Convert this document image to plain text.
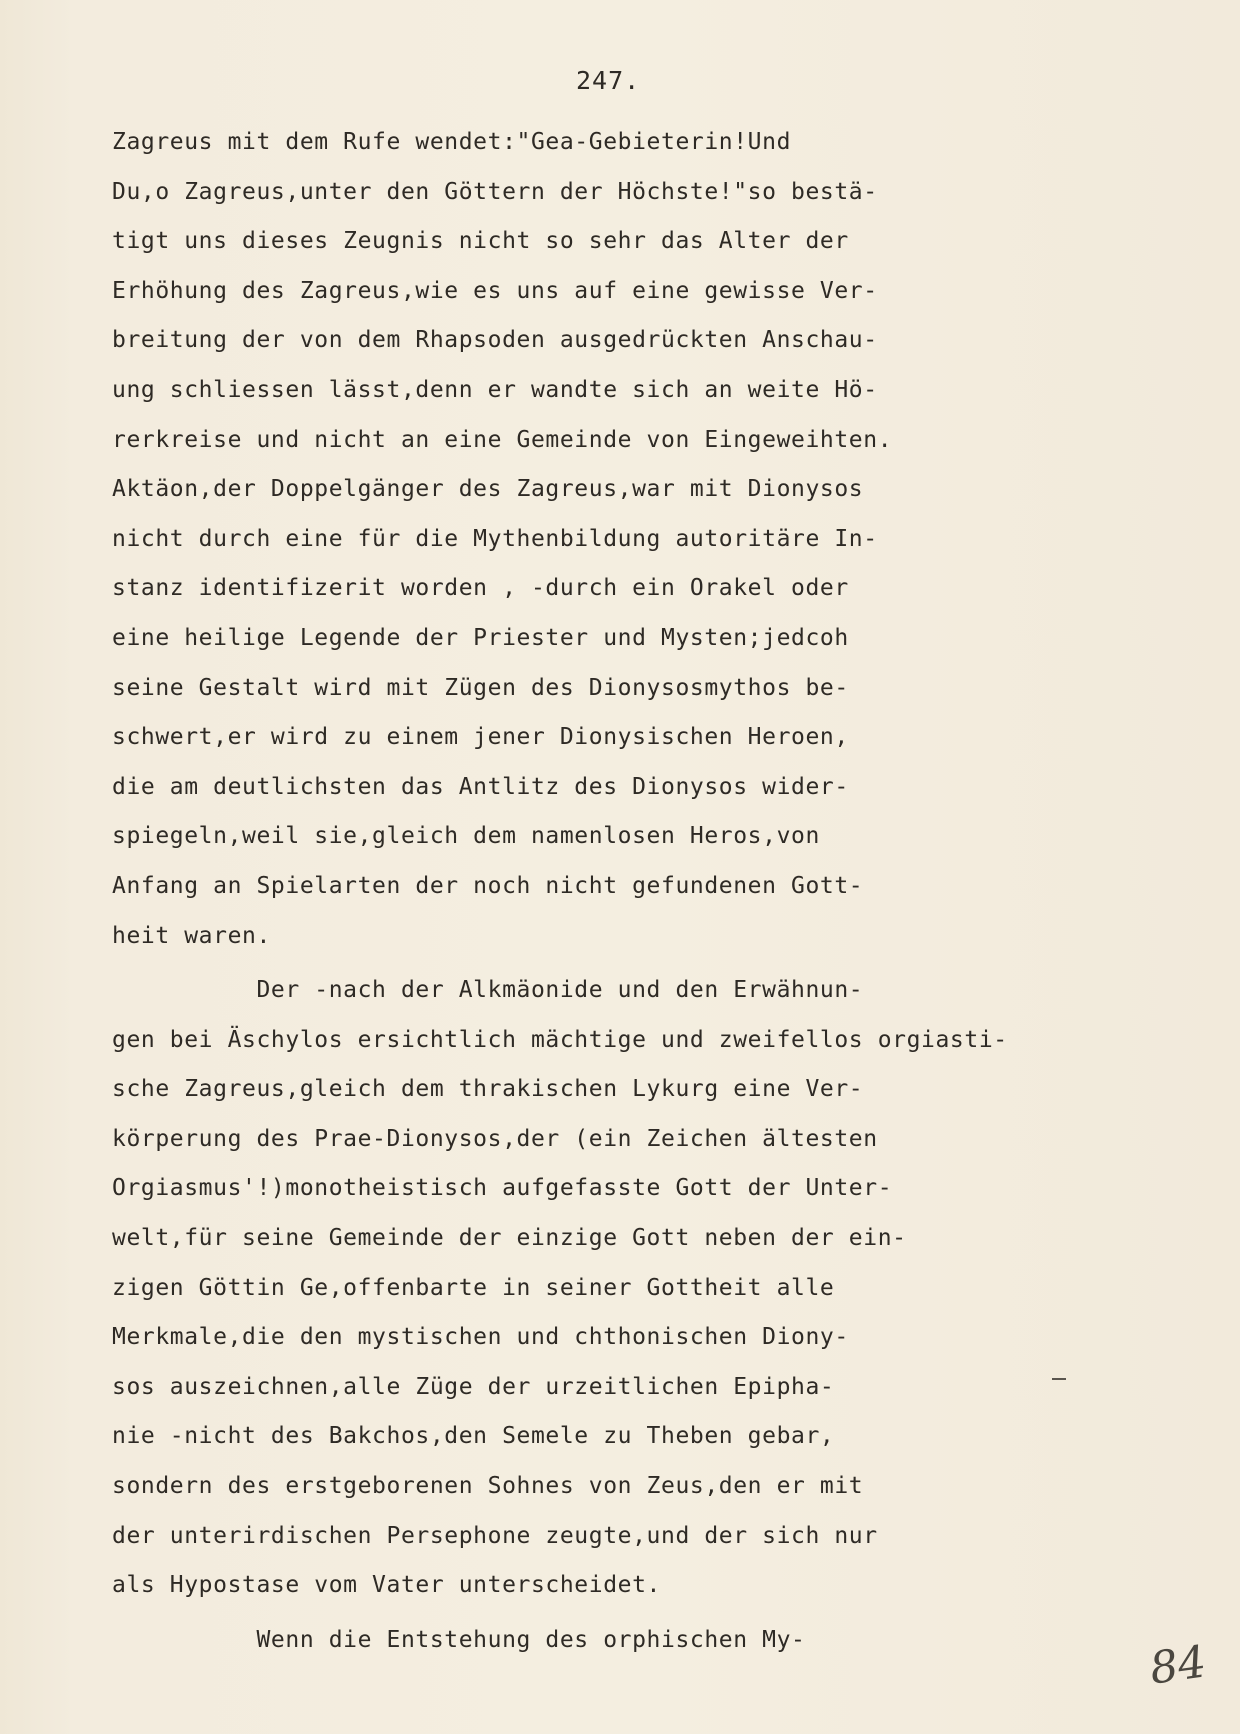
247.
Zagreus mit dem Rufe wendet:"Gea-Gebieterin!Und
Du,o Zagreus,unter den Göttern der Höchste!"so bestä-
tigt uns dieses Zeugnis nicht so sehr das Alter der
Erhöhung des Zagreus,wie es uns auf eine gewisse Ver-
breitung der von dem Rhapsoden ausgedrückten Anschau-
ung schliessen lässt,denn er wandte sich an weite Hö-
rerkreise und nicht an eine Gemeinde von Eingeweihten.
Aktäon,der Doppelgänger des Zagreus,war mit Dionysos
nicht durch eine für die Mythenbildung autoritäre In-
stanz identifizerit worden , -durch ein Orakel oder
eine heilige Legende der Priester und Mysten;jedcoh
seine Gestalt wird mit Zügen des Dionysosmythos be-
schwert,er wird zu einem jener Dionysischen Heroen,
die am deutlichsten das Antlitz des Dionysos wider-
spiegeln,weil sie,gleich dem namenlosen Heros,von
Anfang an Spielarten der noch nicht gefundenen Gott-
heit waren.
Der -nach der Alkmäonide und den Erwähnun-
gen bei Äschylos ersichtlich mächtige und zweifellos orgiasti-
sche Zagreus,gleich dem thrakischen Lykurg eine Ver-
körperung des Prae-Dionysos,der (ein Zeichen ältesten
Orgiasmus'!)monotheistisch aufgefasste Gott der Unter-
welt,für seine Gemeinde der einzige Gott neben der ein-
zigen Göttin Ge,offenbarte in seiner Gottheit alle
Merkmale,die den mystischen und chthonischen Diony-
sos auszeichnen,alle Züge der urzeitlichen Epipha-
nie -nicht des Bakchos,den Semele zu Theben gebar,
sondern des erstgeborenen Sohnes von Zeus,den er mit
der unterirdischen Persephone zeugte,und der sich nur
als Hypostase vom Vater unterscheidet.
Wenn die Entstehung des orphischen My-	84
